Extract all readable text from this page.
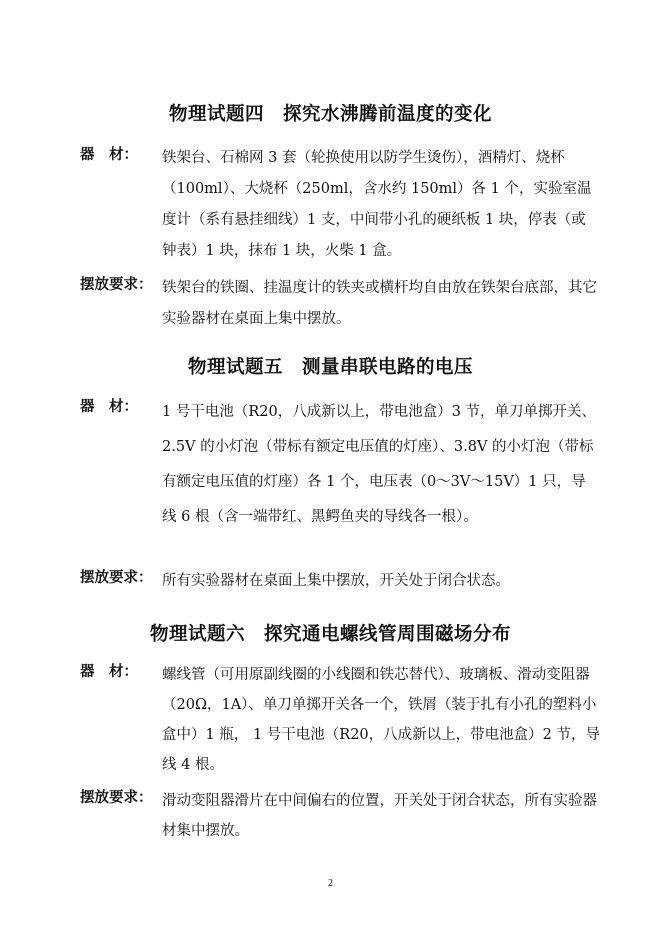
物理试题四　探究水沸腾前温度的变化
器　材： 铁架台、石棉网 3 套（轮换使用以防学生烫伤），酒精灯、烧杯（100ml）、大烧杯（250ml，含水约 150ml）各 1 个，实验室温度计（系有悬挂细线）1 支，中间带小孔的硬纸板 1 块，停表（或钟表）1 块，抹布 1 块，火柴 1 盒。
摆放要求： 铁架台的铁圈、挂温度计的铁夹或横杆均自由放在铁架台底部，其它实验器材在桌面上集中摆放。
物理试题五　测量串联电路的电压
器　材： 1 号干电池（R20，八成新以上，带电池盒）3 节，单刀单掷开关、2.5V 的小灯泡（带标有额定电压值的灯座）、3.8V 的小灯泡（带标有额定电压值的灯座）各 1 个，电压表（0～3V～15V）1 只，导线 6 根（含一端带红、黑鳄鱼夹的导线各一根）。
摆放要求： 所有实验器材在桌面上集中摆放，开关处于闭合状态。
物理试题六　探究通电螺线管周围磁场分布
器　材： 螺线管（可用原副线圈的小线圈和铁芯替代）、玻璃板、滑动变阻器（20Ω，1A）、单刀单掷开关各一个，铁屑（装于扎有小孔的塑料小盒中）1 瓶， 1 号干电池（R20，八成新以上，带电池盒）2 节，导线 4 根。
摆放要求： 滑动变阻器滑片在中间偏右的位置，开关处于闭合状态，所有实验器材集中摆放。
2
